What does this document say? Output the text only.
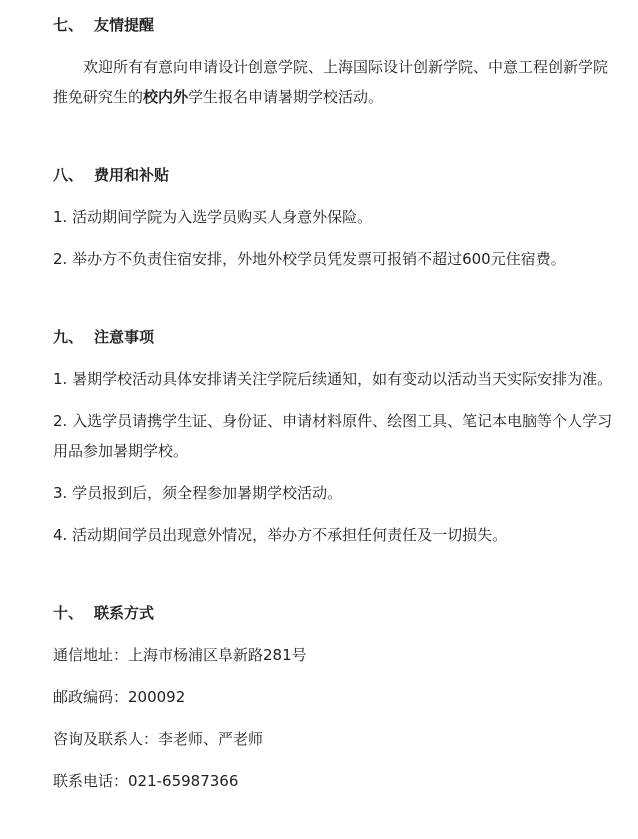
七、 友情提醒

欢迎所有有意向申请设计创意学院、上海国际设计创新学院、中意工程创新学院推免研究生的校内外学生报名申请暑期学校活动。

八、 费用和补贴

1. 活动期间学院为入选学员购买人身意外保险。

2. 举办方不负责住宿安排，外地外校学员凭发票可报销不超过600元住宿费。

九、 注意事项

1. 暑期学校活动具体安排请关注学院后续通知，如有变动以活动当天实际安排为准。

2. 入选学员请携学生证、身份证、申请材料原件、绘图工具、笔记本电脑等个人学习用品参加暑期学校。

3. 学员报到后，须全程参加暑期学校活动。

4. 活动期间学员出现意外情况，举办方不承担任何责任及一切损失。

十、 联系方式

通信地址：上海市杨浦区阜新路281号

邮政编码：200092

咨询及联系人：李老师、严老师

联系电话：021-65987366
